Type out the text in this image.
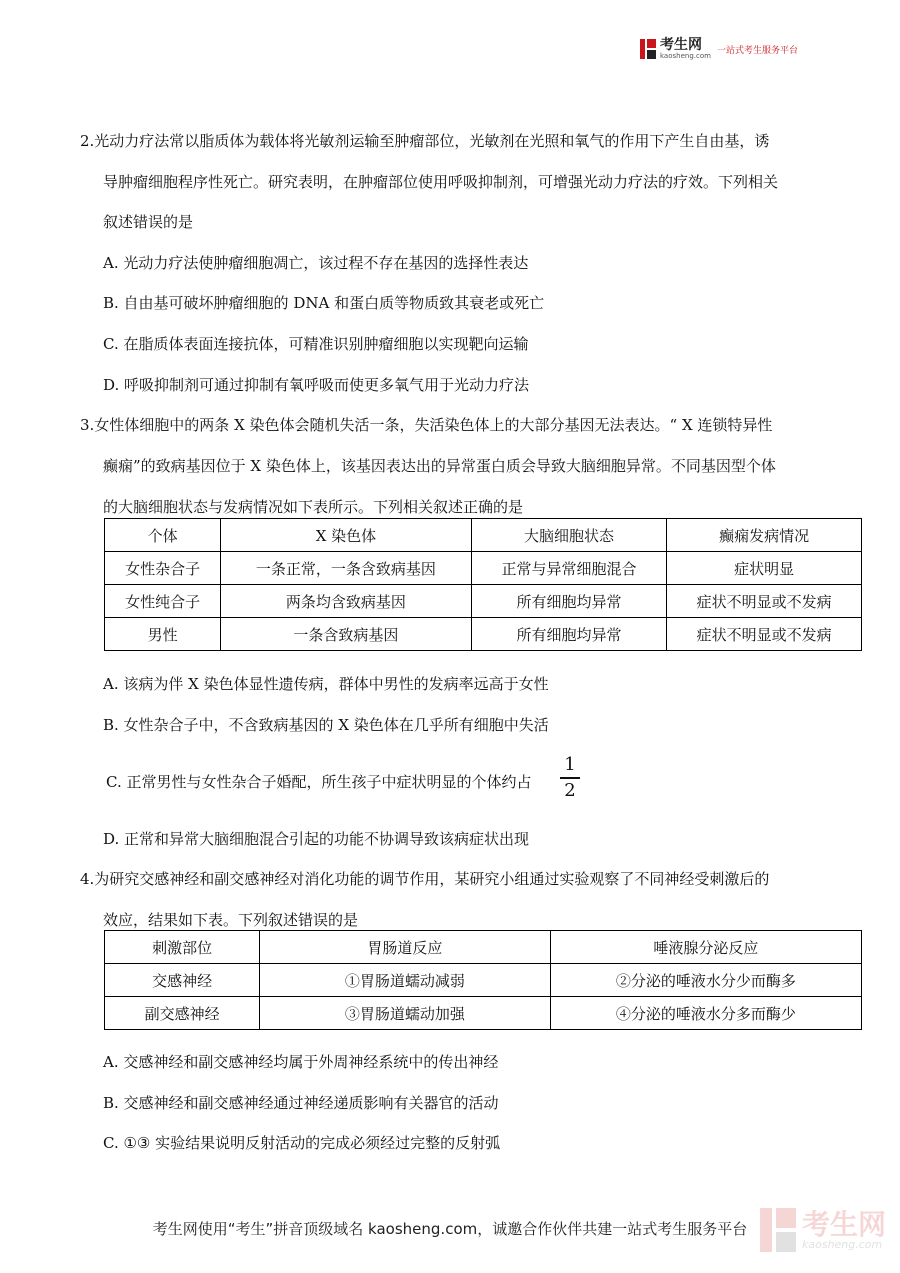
考生网
kaosheng.com
一站式考生服务平台
2.光动力疗法常以脂质体为载体将光敏剂运输至肿瘤部位，光敏剂在光照和氧气的作用下产生自由基，诱
导肿瘤细胞程序性死亡。研究表明，在肿瘤部位使用呼吸抑制剂，可增强光动力疗法的疗效。下列相关
叙述错误的是
A. 光动力疗法使肿瘤细胞凋亡，该过程不存在基因的选择性表达
B. 自由基可破坏肿瘤细胞的 DNA 和蛋白质等物质致其衰老或死亡
C. 在脂质体表面连接抗体，可精准识别肿瘤细胞以实现靶向运输
D. 呼吸抑制剂可通过抑制有氧呼吸而使更多氧气用于光动力疗法
3.女性体细胞中的两条 X 染色体会随机失活一条，失活染色体上的大部分基因无法表达。“ X 连锁特异性
癫痫”的致病基因位于 X 染色体上，该基因表达出的异常蛋白质会导致大脑细胞异常。不同基因型个体
的大脑细胞状态与发病情况如下表所示。下列相关叙述正确的是
个体	X 染色体	大脑细胞状态	癫痫发病情况
女性杂合子	一条正常，一条含致病基因	正常与异常细胞混合	症状明显
女性纯合子	两条均含致病基因	所有细胞均异常	症状不明显或不发病
男性	一条含致病基因	所有细胞均异常	症状不明显或不发病
A. 该病为伴 X 染色体显性遗传病，群体中男性的发病率远高于女性
B. 女性杂合子中，不含致病基因的 X 染色体在几乎所有细胞中失活
C. 正常男性与女性杂合子婚配，所生孩子中症状明显的个体约占
1
2
D. 正常和异常大脑细胞混合引起的功能不协调导致该病症状出现
4.为研究交感神经和副交感神经对消化功能的调节作用，某研究小组通过实验观察了不同神经受刺激后的
效应，结果如下表。下列叙述错误的是
刺激部位	胃肠道反应	唾液腺分泌反应
交感神经	①胃肠道蠕动减弱	②分泌的唾液水分少而酶多
副交感神经	③胃肠道蠕动加强	④分泌的唾液水分多而酶少
A. 交感神经和副交感神经均属于外周神经系统中的传出神经
B. 交感神经和副交感神经通过神经递质影响有关器官的活动
C. ①③ 实验结果说明反射活动的完成必须经过完整的反射弧
考生网使用“考生”拼音顶级域名 kaosheng.com，诚邀合作伙伴共建一站式考生服务平台	考生网
kaosheng.com
